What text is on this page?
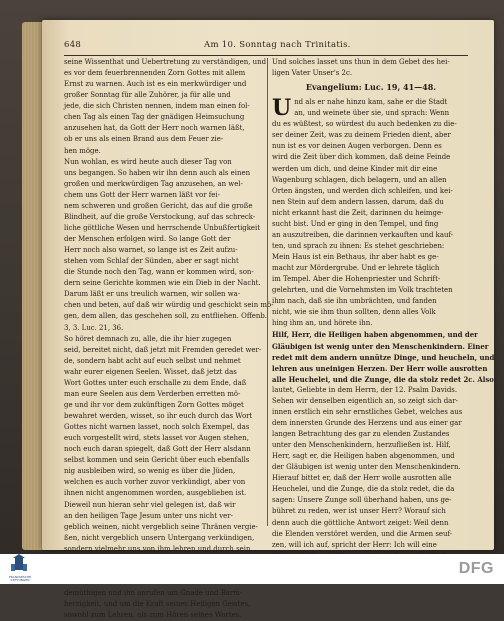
648	Am 10. Sonntag nach Trinitatis.
seine Wissenthat und Uebertretung zu verständigen, und
es vor dem feuerbrennenden Zorn Gottes mit allem
Ernst zu warnen. Auch ist es ein merkwürdiger und
großer Sonntag für alle Zuhörer, ja für alle und
jede, die sich Christen nennen, indem man einen fol-
chen Tag als einen Tag der gnädigen Heimsuchung
anzusehen hat, da Gott der Herr noch warnen läßt,
ob er uns als einen Brand aus dem Feuer zie-
hen möge.
Nun wohlan, es wird heute auch dieser Tag von
uns begangen. So haben wir ihn denn auch als einen
großen und merkwürdigen Tag anzusehen, an wel-
chem uns Gott der Herr warnen läßt vor fei-
nem schweren und großen Gericht, das auf die große
Blindheit, auf die große Verstockung, auf das schreck-
liche göttliche Wesen und herrschende Unbußfertigkeit
der Menschen erfolgen wird. So lange Gott der
Herr noch also warnet, so lange ist es Zeit aufzu-
stehen vom Schlaf der Sünden, aber er sagt nicht
die Stunde noch den Tag, wann er kommen wird, son-
dern seine Gerichte kommen wie ein Dieb in der Nacht.
Darum läßt er uns treulich warnen, wir sollen wa-
chen und beten, auf daß wir würdig und geschickt sein mö-
gen, dem allen, das geschehen soll, zu entfliehen. Offenb.
3, 3. Luc. 21, 36.
So höret demnach zu, alle, die ihr hier zugegen
seid, bereitet nicht, daß jetzt mit Fremden geredet wer-
de, sondern habt acht auf euch selbst und nehmet
wahr eurer eigenen Seelen. Wisset, daß jetzt das
Wort Gottes unter euch erschalle zu dem Ende, daß
man eure Seelen aus dem Verderben erretten mö-
ge und ihr vor dem zukünftigen Zorn Gottes möget
bewahret werden, wisset, so ihr euch durch das Wort
Gottes nicht warnen lasset, noch solch Exempel, das
euch vorgestellt wird, stets lasset vor Augen stehen,
noch euch daran spiegelt, daß Gott der Herr alsdann
selbst kommen und sein Gericht über euch ebenfalls
nig ausbleiben wird, so wenig es über die Jüden,
welchen es auch vorher zuvor verkündigt, aber von
ihnen nicht angenommen worden, ausgeblieben ist.
Dieweil nun hieran sehr viel gelegen ist, daß wir
an den heiligen Tage Jesum unter uns nicht ver-
geblich weinen, nicht vergeblich seine Thränen vergie-
ßen, nicht vergeblich unsern Untergang verkündigen,
sondern vielmehr uns von ihm lehren und durch sein
demüthigen und ihn anrufen um Gnade und Barm-
herzigkeit, und um die Kraft seines Heiligen Geistes,
sowohl zum Lehren, als zum Hören seines Wortes.
Und solches lasset uns thun in dem Gebet des hei-
ligen Vater Unser's 2c.
Evangelium: Luc. 19, 41—48.
U nd als er nahe hinzu kam, sahe er die Stadt
an, und weinete über sie, und sprach: Wenn
du es wüßtest, so würdest du auch bedenken zu die-
ser deiner Zeit, was zu deinem Frieden dient, aber
nun ist es vor deinen Augen verborgen. Denn es
wird die Zeit über dich kommen, daß deine Feinde
werden um dich, und deine Kinder mit dir eine
Wagenburg schlagen, dich belagern, und an allen
Orten ängsten, und werden dich schleifen, und kei-
nen Stein auf dem andern lassen, darum, daß du
nicht erkannt hast die Zeit, darinnen du heimge-
sucht bist. Und er ging in den Tempel, und fing
an auszutreiben, die darinnen verkauften und kauf-
ten, und sprach zu ihnen: Es stehet geschrieben:
Mein Haus ist ein Bethaus, ihr aber habt es ge-
macht zur Mördergrube. Und er lehrete täglich
im Tempel. Aber die Hohenpriester und Schrift-
gelehrten, und die Vornehmsten im Volk trachteten
ihm nach, daß sie ihn umbrächten, und fanden
nicht, wie sie ihm thun sollten, denn alles Volk
hing ihm an, und hörete ihn.
Hilf, Herr, die Heiligen haben abgenommen, und der
Gläubigen ist wenig unter den Menschenkindern. Einer
redet mit dem andern unnütze Dinge, und heucheln, und
lehren aus uneinigen Herzen. Der Herr wolle ausrotten
alle Heuchelei, und die Zunge, die da stolz redet 2c. Also
lautet, Geliebte in dem Herrn, der 12. Psalm Davids.
Sehen wir denselben eigentlich an, so zeigt sich dar-
innen erstlich ein sehr ernstliches Gebet, welches aus
dem innersten Grunde des Herzens und aus einer gar
langen Betrachtung des gar zu elenden Zustandes
unter den Menschenkindern, herzufließen ist. Hilf,
Herr, sagt er, die Heiligen haben abgenommen, und
der Gläubigen ist wenig unter den Menschenkindern.
Hierauf bittet er, daß der Herr wolle ausrotten alle
Heuchelei, und die Zunge, die da stolz redet, die da
sagen: Unsere Zunge soll überhand haben, uns ge-
bühret zu reden, wer ist unser Herr? Worauf sich
denn auch die göttliche Antwort zeiget: Weil denn
die Elenden verstöret werden, und die Armen seuf-
zen, will ich auf, spricht der Herr: Ich will eine
FRANCKESCHE STIFTUNGEN
DFG
